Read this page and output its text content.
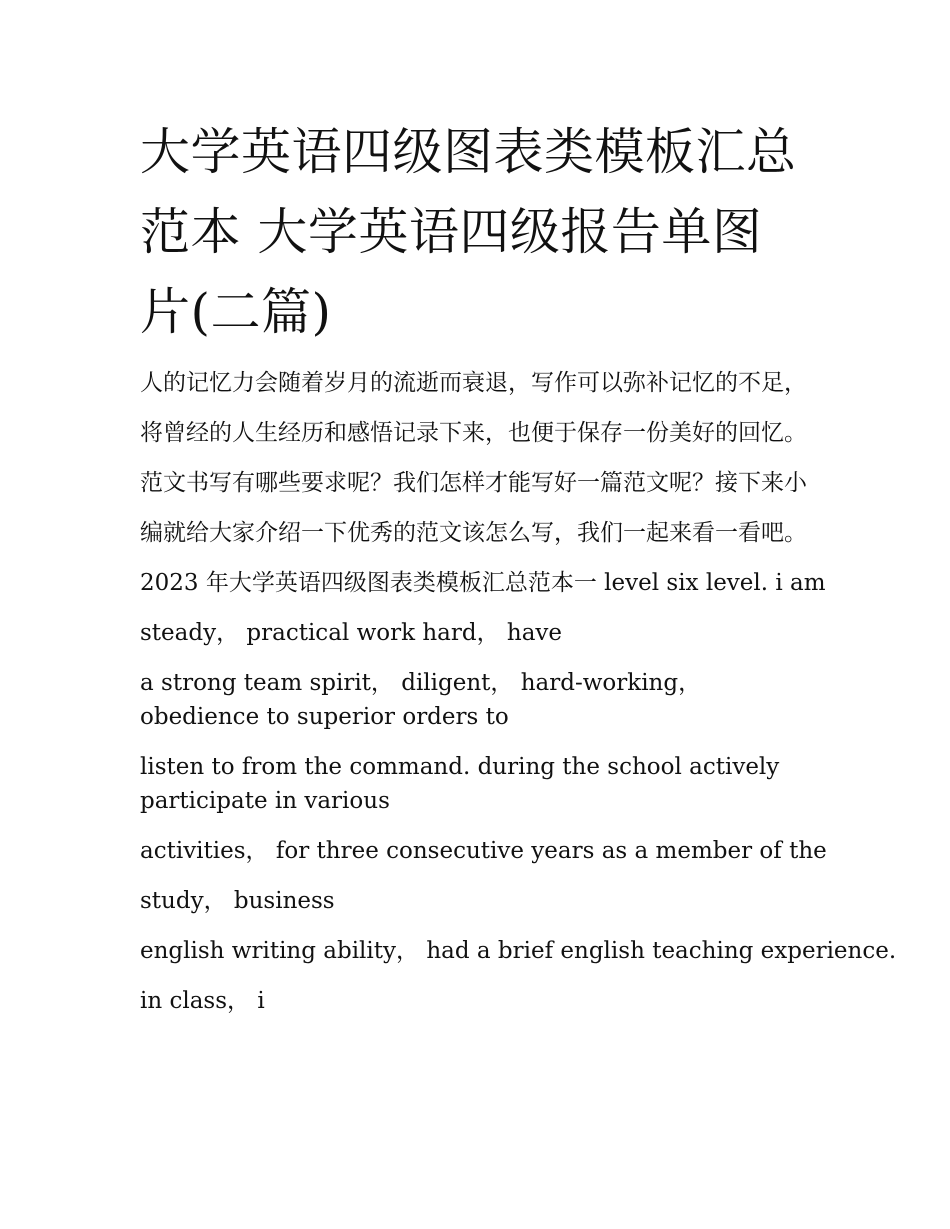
大学英语四级图表类模板汇总范本 大学英语四级报告单图片(二篇)

人的记忆力会随着岁月的流逝而衰退，写作可以弥补记忆的不足，将曾经的人生经历和感悟记录下来，也便于保存一份美好的回忆。范文书写有哪些要求呢？我们怎样才能写好一篇范文呢？接下来小编就给大家介绍一下优秀的范文该怎么写，我们一起来看一看吧。

2023 年大学英语四级图表类模板汇总范本一 level six level. i am

steady， practical work hard， have

a strong team spirit， diligent， hard-working， obedience to superior orders to

listen to from the command. during the school actively participate in various

activities， for three consecutive years as a member of the

study， business

english writing ability， had a brief english teaching experience.

in class， i
